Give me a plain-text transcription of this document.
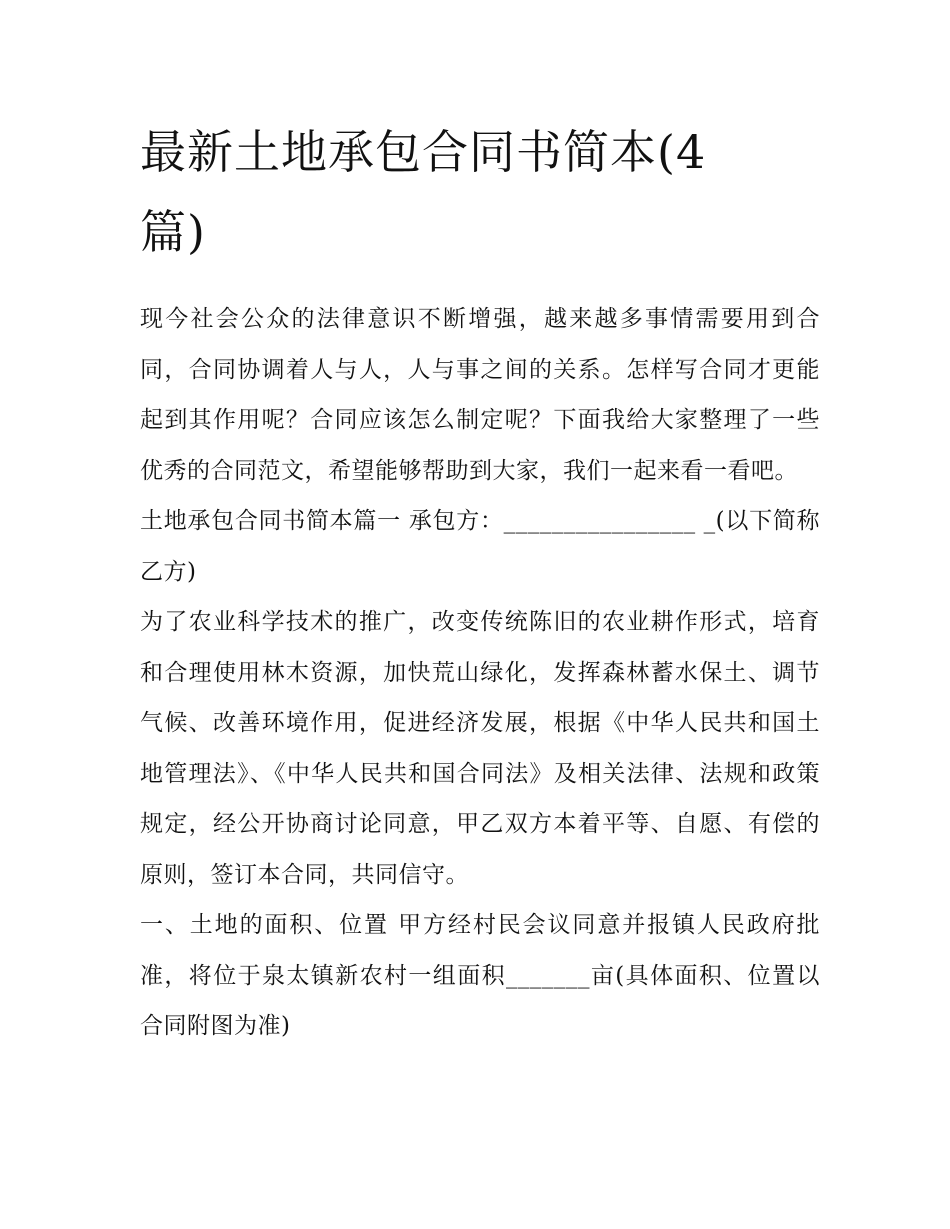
最新土地承包合同书简本(4篇)

现今社会公众的法律意识不断增强，越来越多事情需要用到合同，合同协调着人与人，人与事之间的关系。怎样写合同才更能起到其作用呢？合同应该怎么制定呢？下面我给大家整理了一些优秀的合同范文，希望能够帮助到大家，我们一起来看一看吧。

土地承包合同书简本篇一 承包方：________________ _(以下简称乙方)

为了农业科学技术的推广，改变传统陈旧的农业耕作形式，培育和合理使用林木资源，加快荒山绿化，发挥森林蓄水保土、调节气候、改善环境作用，促进经济发展，根据《中华人民共和国土地管理法》、《中华人民共和国合同法》及相关法律、法规和政策规定，经公开协商讨论同意，甲乙双方本着平等、自愿、有偿的原则，签订本合同，共同信守。

一、土地的面积、位置 甲方经村民会议同意并报镇人民政府批准，将位于泉太镇新农村一组面积_______亩(具体面积、位置以合同附图为准)
